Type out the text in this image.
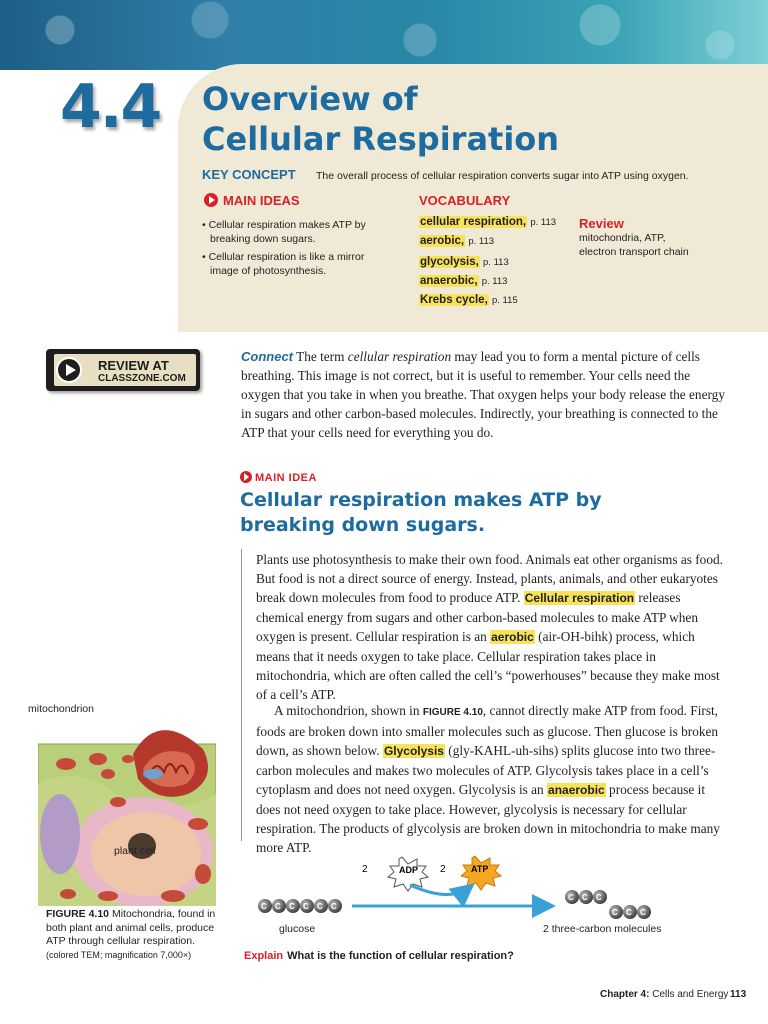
4.4 Overview of
Cellular Respiration
KEY CONCEPT The overall process of cellular respiration converts sugar into ATP using oxygen.
MAIN IDEAS
• Cellular respiration makes ATP by breaking down sugars.
• Cellular respiration is like a mirror image of photosynthesis.
VOCABULARY
cellular respiration, p. 113
aerobic, p. 113
glycolysis, p. 113
anaerobic, p. 113
Krebs cycle, p. 115
Review
mitochondria, ATP,
electron transport chain
REVIEW AT
CLASSZONE.COM
Connect The term cellular respiration may lead you to form a mental picture of cells breathing. This image is not correct, but it is useful to remember. Your cells need the oxygen that you take in when you breathe. That oxygen helps your body release the energy in sugars and other carbon-based molecules. Indirectly, your breathing is connected to the ATP that your cells need for everything you do.
MAIN IDEA
Cellular respiration makes ATP by breaking down sugars.
Plants use photosynthesis to make their own food. Animals eat other organisms as food. But food is not a direct source of energy. Instead, plants, animals, and other eukaryotes break down molecules from food to produce ATP. Cellular respiration releases chemical energy from sugars and other carbon-based molecules to make ATP when oxygen is present. Cellular respiration is an aerobic (air-OH-bihk) process, which means that it needs oxygen to take place. Cellular respiration takes place in mitochondria, which are often called the cell’s “powerhouses” because they make most of a cell’s ATP.
A mitochondrion, shown in FIGURE 4.10, cannot directly make ATP from food. First, foods are broken down into smaller molecules such as glucose. Then glucose is broken down, as shown below. Glycolysis (gly-KAHL-uh-sihs) splits glucose into two three-carbon molecules and makes two molecules of ATP. Glycolysis takes place in a cell’s cytoplasm and does not need oxygen. Glycolysis is an anaerobic process because it does not need oxygen to take place. However, glycolysis is necessary for cellular respiration. The products of glycolysis are broken down in mitochondria to make many more ATP.
mitochondrion
plant cell
FIGURE 4.10 Mitochondria, found in both plant and animal cells, produce ATP through cellular respiration. (colored TEM; magnification 7,000×)
2	ADP 2	ATP
C C C C C C
C C C
C C C
glucose	2 three-carbon molecules
Explain What is the function of cellular respiration?
Chapter 4: Cells and Energy 113
